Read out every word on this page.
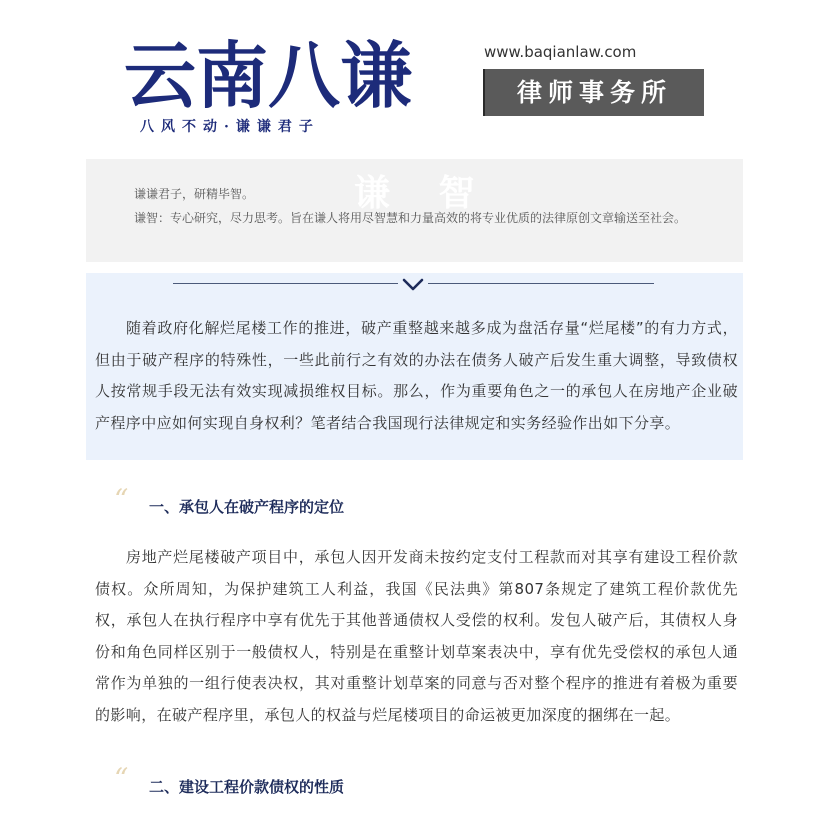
云南八谦
八风不动·谦谦君子
www.baqianlaw.com
律师事务所
谦 智
谦谦君子，研精毕智。
谦智：专心研究，尽力思考。旨在谦人将用尽智慧和力量高效的将专业优质的法律原创文章输送至社会。
随着政府化解烂尾楼工作的推进，破产重整越来越多成为盘活存量“烂尾楼”的有力方式，但由于破产程序的特殊性，一些此前行之有效的办法在债务人破产后发生重大调整，导致债权人按常规手段无法有效实现减损维权目标。那么，作为重要角色之一的承包人在房地产企业破产程序中应如何实现自身权利？笔者结合我国现行法律规定和实务经验作出如下分享。
“ 一、承包人在破产程序的定位
房地产烂尾楼破产项目中，承包人因开发商未按约定支付工程款而对其享有建设工程价款债权。众所周知，为保护建筑工人利益，我国《民法典》第807条规定了建筑工程价款优先权，承包人在执行程序中享有优先于其他普通债权人受偿的权利。发包人破产后，其债权人身份和角色同样区别于一般债权人，特别是在重整计划草案表决中，享有优先受偿权的承包人通常作为单独的一组行使表决权，其对重整计划草案的同意与否对整个程序的推进有着极为重要的影响，在破产程序里，承包人的权益与烂尾楼项目的命运被更加深度的捆绑在一起。
“ 二、建设工程价款债权的性质
